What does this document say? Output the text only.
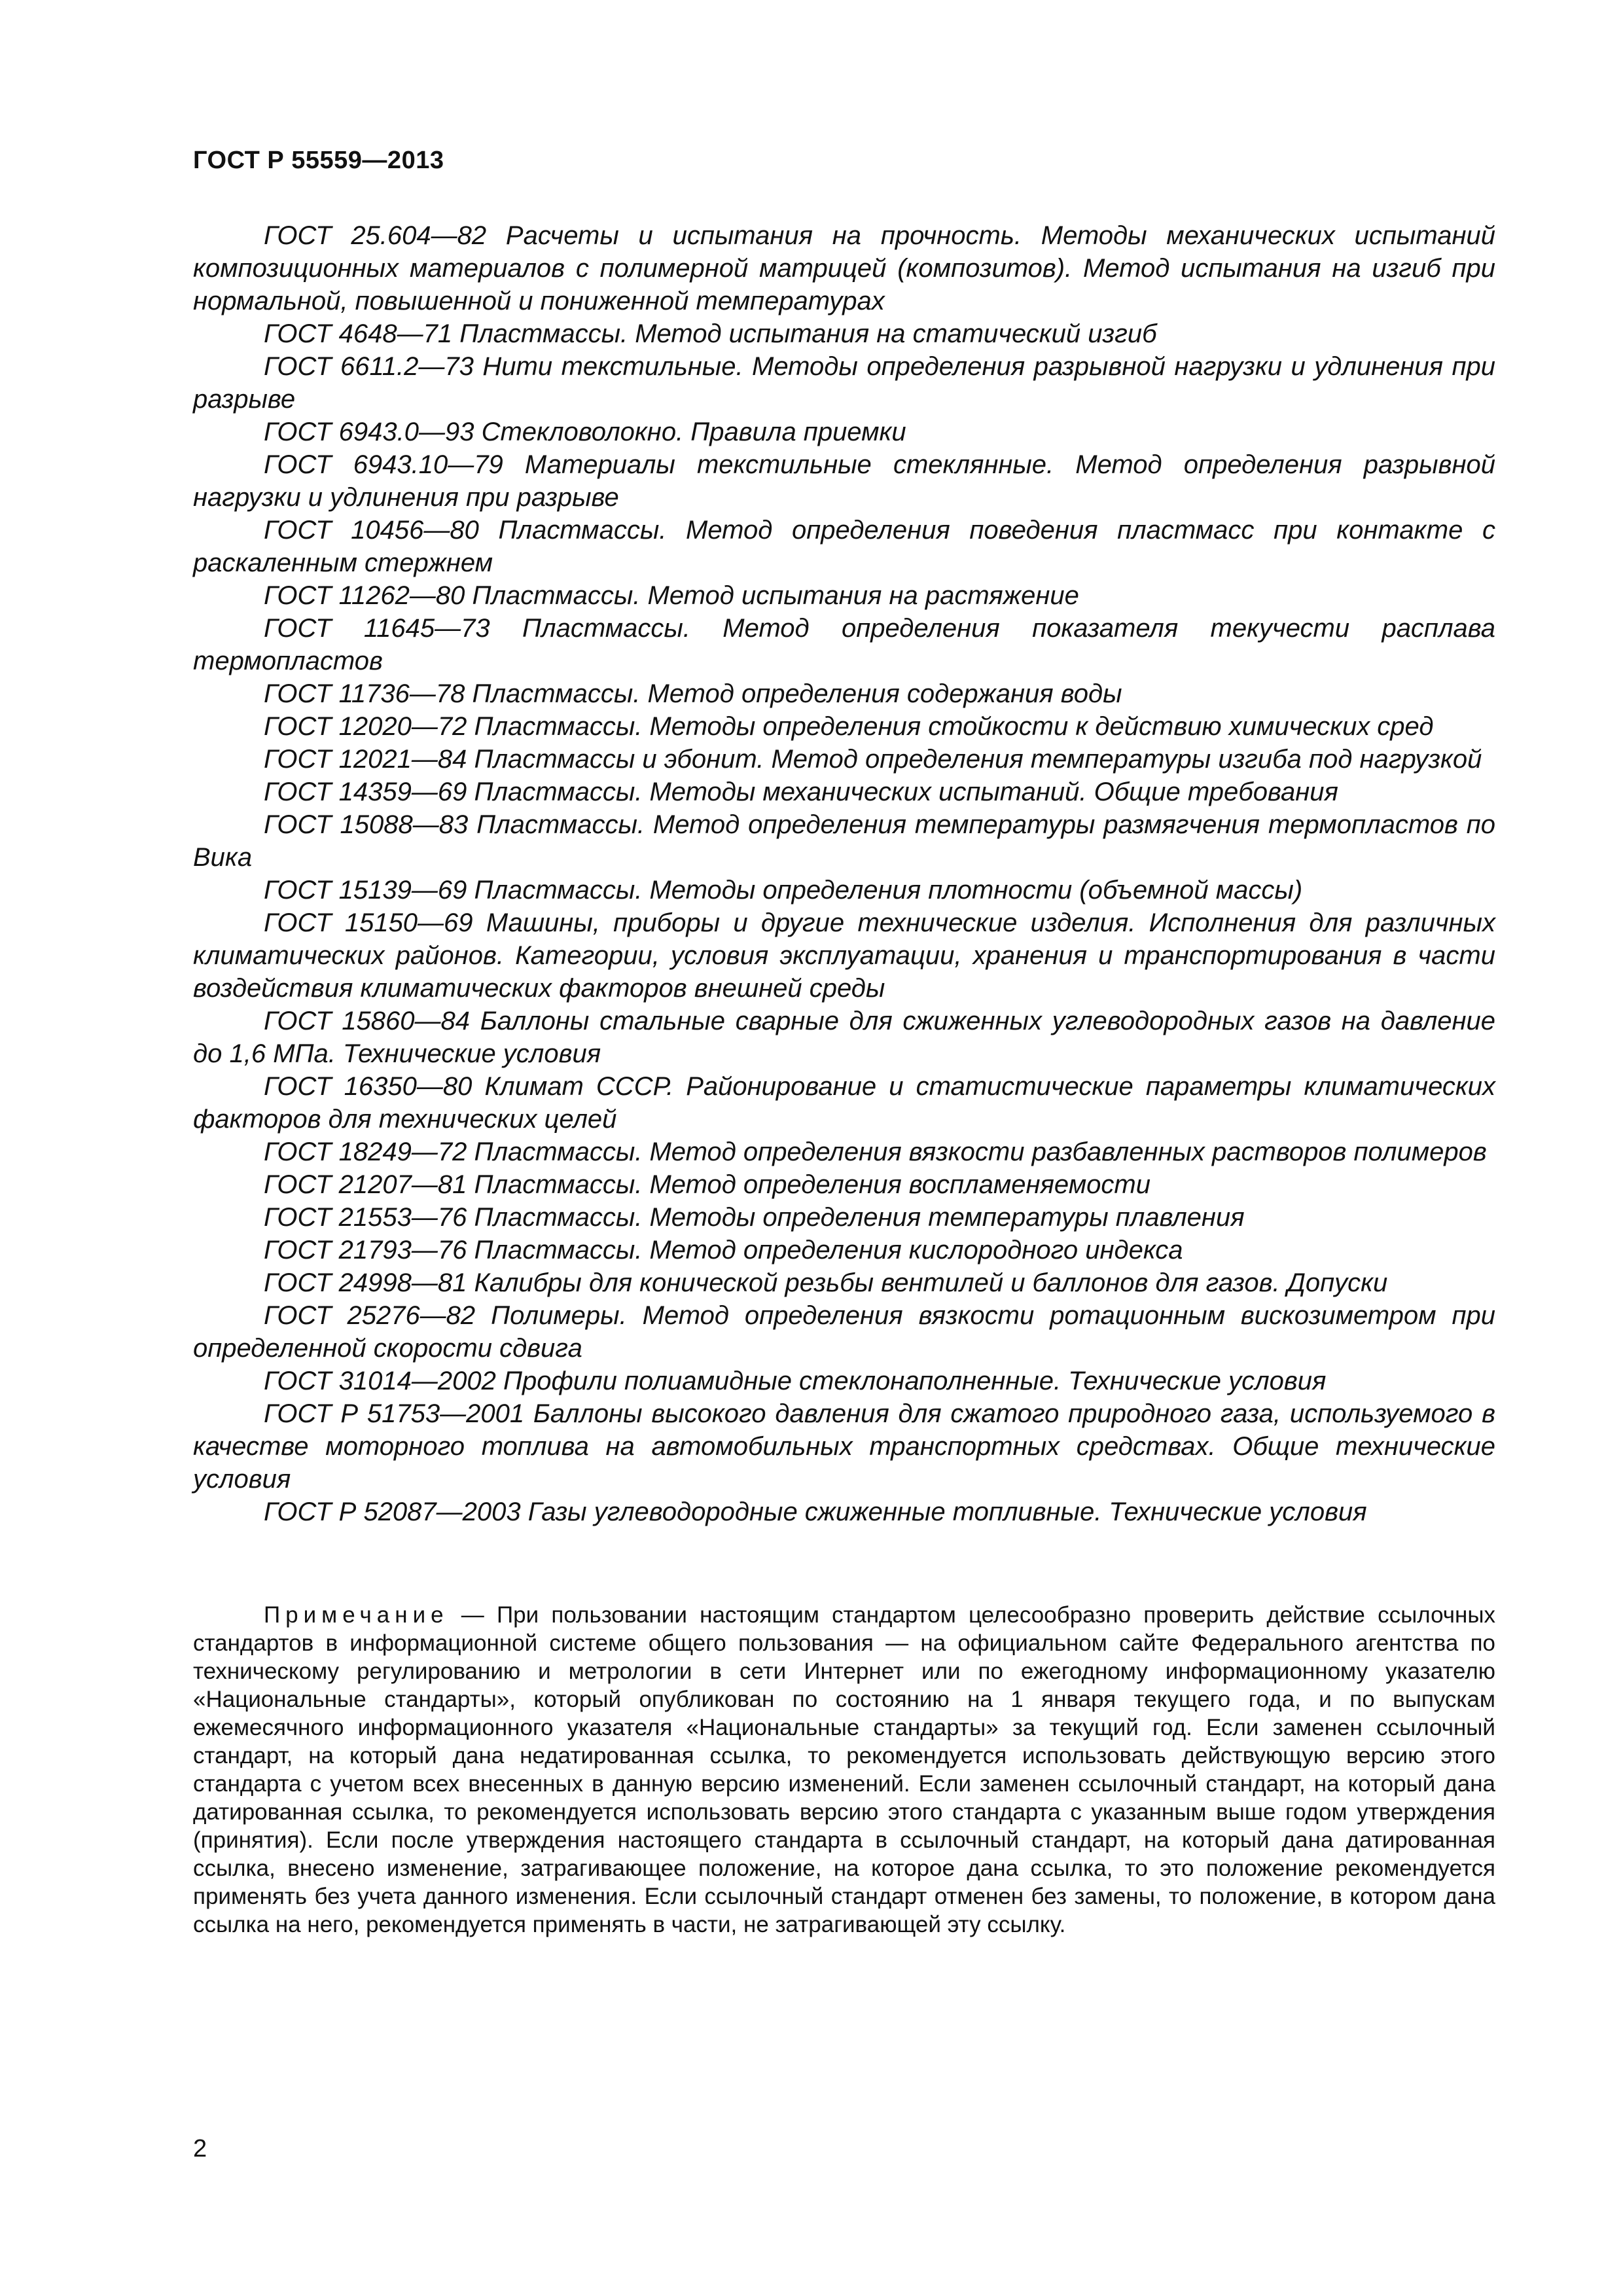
ГОСТ Р 55559—2013

ГОСТ 25.604—82 Расчеты и испытания на прочность. Методы механических испытаний композиционных материалов с полимерной матрицей (композитов). Метод испытания на изгиб при нормальной, повышенной и пониженной температурах

ГОСТ 4648—71 Пластмассы. Метод испытания на статический изгиб

ГОСТ 6611.2—73 Нити текстильные. Методы определения разрывной нагрузки и удлинения при разрыве

ГОСТ 6943.0—93 Стекловолокно. Правила приемки

ГОСТ 6943.10—79 Материалы текстильные стеклянные. Метод определения разрывной нагрузки и удлинения при разрыве

ГОСТ 10456—80 Пластмассы. Метод определения поведения пластмасс при контакте с раскаленным стержнем

ГОСТ 11262—80 Пластмассы. Метод испытания на растяжение

ГОСТ 11645—73 Пластмассы. Метод определения показателя текучести расплава термопластов

ГОСТ 11736—78 Пластмассы. Метод определения содержания воды

ГОСТ 12020—72 Пластмассы. Методы определения стойкости к действию химических сред

ГОСТ 12021—84 Пластмассы и эбонит. Метод определения температуры изгиба под нагрузкой

ГОСТ 14359—69 Пластмассы. Методы механических испытаний. Общие требования

ГОСТ 15088—83 Пластмассы. Метод определения температуры размягчения термопластов по Вика

ГОСТ 15139—69 Пластмассы. Методы определения плотности (объемной массы)

ГОСТ 15150—69 Машины, приборы и другие технические изделия. Исполнения для различных климатических районов. Категории, условия эксплуатации, хранения и транспортирования в части воздействия климатических факторов внешней среды

ГОСТ 15860—84 Баллоны стальные сварные для сжиженных углеводородных газов на давление до 1,6 МПа. Технические условия

ГОСТ 16350—80 Климат СССР. Районирование и статистические параметры климатических факторов для технических целей

ГОСТ 18249—72 Пластмассы. Метод определения вязкости разбавленных растворов полимеров

ГОСТ 21207—81 Пластмассы. Метод определения воспламеняемости

ГОСТ 21553—76 Пластмассы. Методы определения температуры плавления

ГОСТ 21793—76 Пластмассы. Метод определения кислородного индекса

ГОСТ 24998—81 Калибры для конической резьбы вентилей и баллонов для газов. Допуски

ГОСТ 25276—82 Полимеры. Метод определения вязкости ротационным вискозиметром при определенной скорости сдвига

ГОСТ 31014—2002 Профили полиамидные стеклонаполненные. Технические условия

ГОСТ Р 51753—2001 Баллоны высокого давления для сжатого природного газа, используемого в качестве моторного топлива на автомобильных транспортных средствах. Общие технические условия

ГОСТ Р 52087—2003 Газы углеводородные сжиженные топливные. Технические условия

Примечание — При пользовании настоящим стандартом целесообразно проверить действие ссылочных стандартов в информационной системе общего пользования — на официальном сайте Федерального агентства по техническому регулированию и метрологии в сети Интернет или по ежегодному информационному указателю «Национальные стандарты», который опубликован по состоянию на 1 января текущего года, и по выпускам ежемесячного информационного указателя «Национальные стандарты» за текущий год. Если заменен ссылочный стандарт, на который дана недатированная ссылка, то рекомендуется использовать действующую версию этого стандарта с учетом всех внесенных в данную версию изменений. Если заменен ссылочный стандарт, на который дана датированная ссылка, то рекомендуется использовать версию этого стандарта с указанным выше годом утверждения (принятия). Если после утверждения настоящего стандарта в ссылочный стандарт, на который дана датированная ссылка, внесено изменение, затрагивающее положение, на которое дана ссылка, то это положение рекомендуется применять без учета данного изменения. Если ссылочный стандарт отменен без замены, то положение, в котором дана ссылка на него, рекомендуется применять в части, не затрагивающей эту ссылку.
2
